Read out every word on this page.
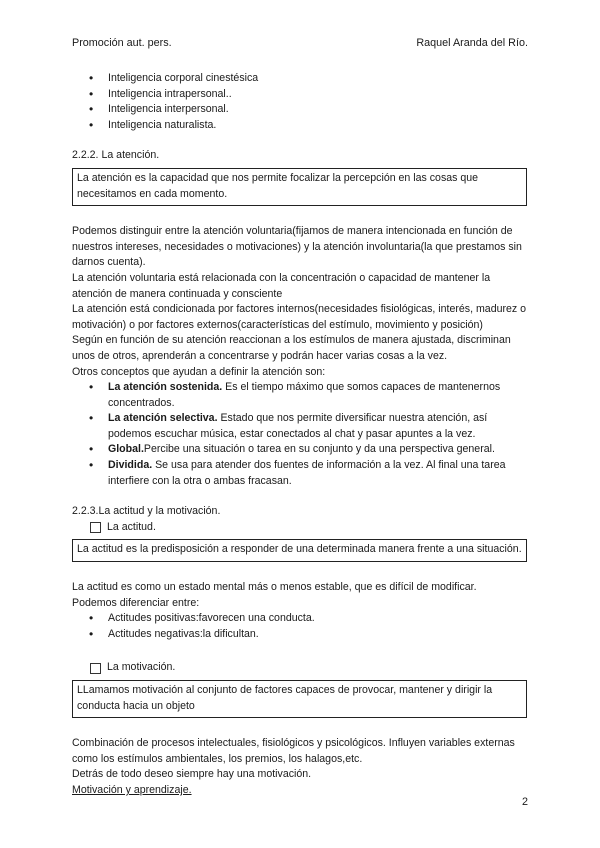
Promoción aut. pers.	Raquel Aranda del Río.
• Inteligencia corporal cinestésica
• Inteligencia intrapersonal..
• Inteligencia interpersonal.
• Inteligencia naturalista.
2.2.2. La atención.
La atención es la capacidad que nos permite focalizar la percepción en las cosas que necesitamos en cada momento.
Podemos distinguir entre la atención voluntaria(fijamos de manera intencionada en función de nuestros intereses, necesidades o motivaciones) y la atención involuntaria(la que prestamos sin darnos cuenta).
La atención voluntaria está relacionada con la concentración o capacidad de mantener la atención de manera continuada y consciente
La atención está condicionada por factores internos(necesidades fisiológicas, interés, madurez o motivación) o por factores externos(características del estímulo, movimiento y posición)
Según en función de su atención reaccionan a los estímulos de manera ajustada, discriminan unos de otros, aprenderán a concentrarse y podrán hacer varias cosas a la vez.
Otros conceptos que ayudan a definir la atención son:
• La atención sostenida. Es el tiempo máximo que somos capaces de mantenernos concentrados.
• La atención selectiva. Estado que nos permite diversificar nuestra atención, así podemos escuchar música, estar conectados al chat y pasar apuntes a la vez.
• Global.Percibe una situación o tarea en su conjunto y da una perspectiva general.
• Dividida. Se usa para atender dos fuentes de información a la vez. Al final una tarea interfiere con la otra o ambas fracasan.
2.2.3.La actitud y la motivación.
La actitud.
La actitud es la predisposición a responder de una determinada manera frente a una situación.
La actitud es como un estado mental más o menos estable, que es difícil de modificar.
Podemos diferenciar entre:
• Actitudes positivas:favorecen una conducta.
• Actitudes negativas:la dificultan.
La motivación.
LLamamos motivación al conjunto de factores capaces de provocar, mantener y dirigir la conducta hacia un objeto
Combinación de procesos intelectuales, fisiológicos y psicológicos. Influyen variables externas como los estímulos ambientales, los premios, los halagos,etc.
Detrás de todo deseo siempre hay una motivación.
Motivación y aprendizaje.
2
